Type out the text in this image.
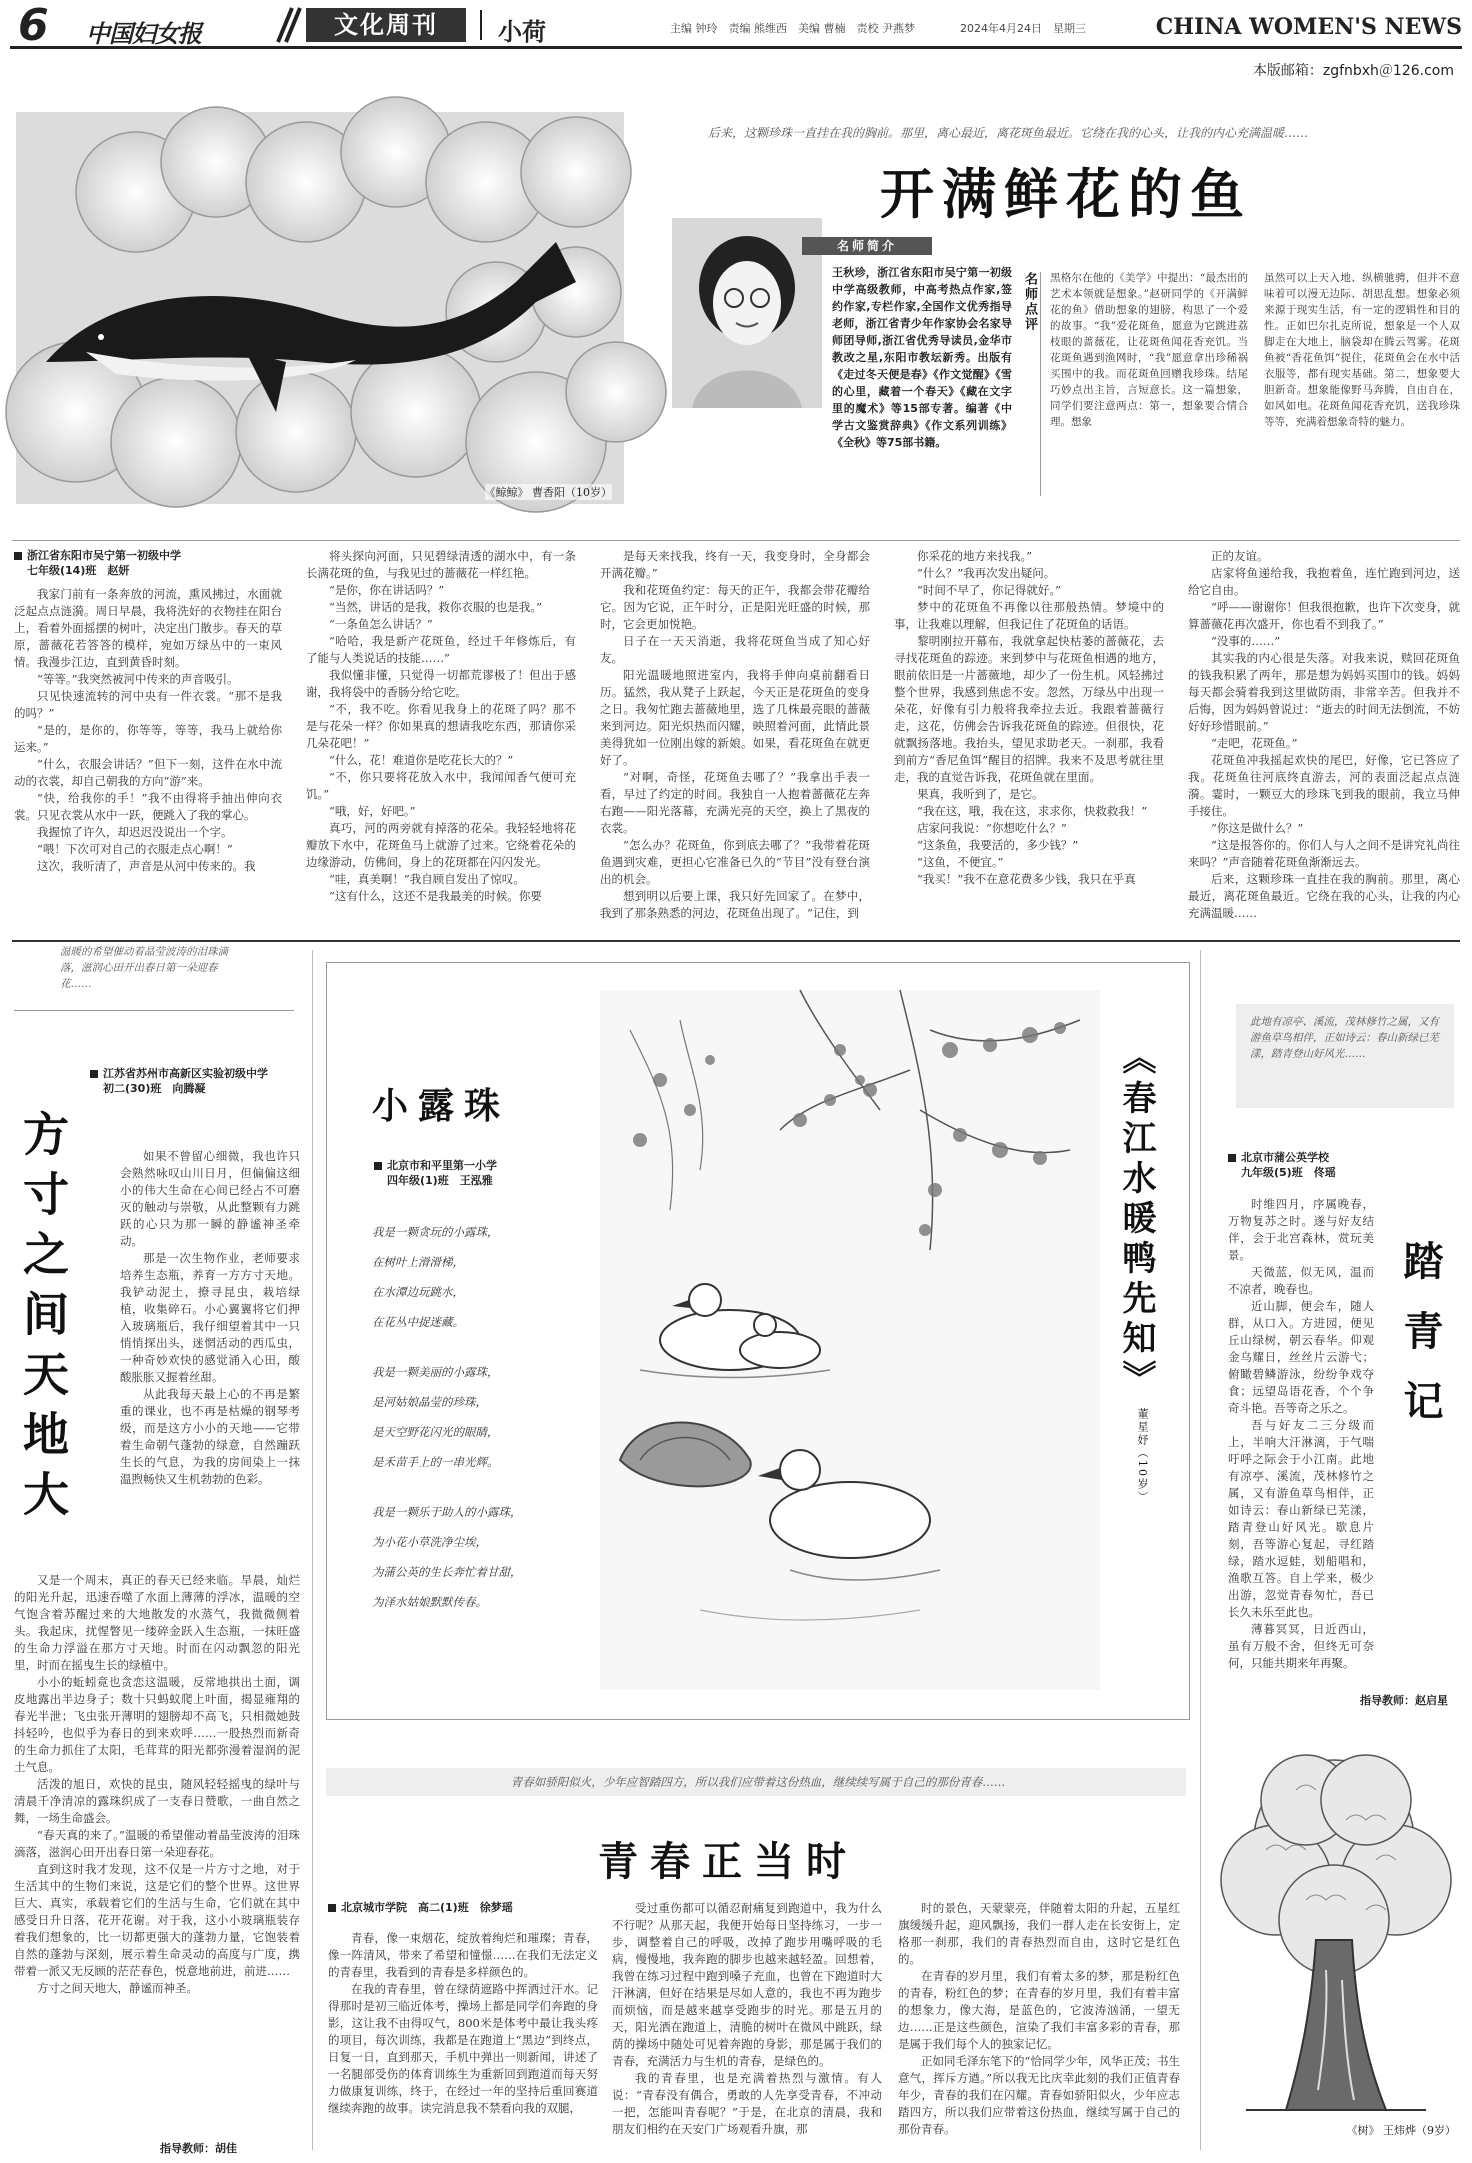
6 中国妇女报	文化周刊	小荷	主编 钟玲　责编 熊维西　美编 曹楠　责校 尹燕梦	2024年4月24日　星期三	CHINA WOMEN'S NEWS
本版邮箱：zgfnbxh＠126.com
《鲸鲸》 曹香阳（10岁）
后来，这颗珍珠一直挂在我的胸前。那里，离心最近，离花斑鱼最近。它绕在我的心头，让我的内心充满温暖……
开满鲜花的鱼
名师简介
王秋珍，浙江省东阳市吴宁第一初级中学高级教师，中高考热点作家,签约作家,专栏作家,全国作文优秀指导老师，浙江省青少年作家协会名家导师团导师,浙江省优秀导读员,金华市教改之星,东阳市教坛新秀。出版有《走过冬天便是春》《作文觉醒》《雪的心里，藏着一个春天》《藏在文字里的魔术》等15部专著。编著《中学古文鉴赏辞典》《作文系列训练》《全秋》等75部书籍。
名师点评 黑格尔在他的《美学》中提出：“最杰出的艺术本领就是想象。”赵研同学的《开满鲜花的鱼》借助想象的翅膀，构思了一个爱的故事。“我”爱花斑鱼，愿意为它跳进荔枝眼的蔷薇花，让花斑鱼闻花香充饥。当花斑鱼遇到渔网时，“我”愿意拿出珍稀祸买围中的我。而花斑鱼回赠我珍珠。结尾巧妙点出主旨，言短意长。这一篇想象，同学们要注意两点：第一，想象要合情合理。想象
虽然可以上天入地、纵横驰骋，但并不意味着可以漫无边际、胡思乱想。想象必须来源于现实生活，有一定的逻辑性和目的性。正如巴尔扎克所说，想象是一个人双脚走在大地上，脑袋却在腾云驾雾。花斑鱼被“香花鱼饵”捉住，花斑鱼会在水中活衣服等，都有现实基础。第二，想象要大胆新奇。想象能像野马奔腾，自由自在，如风如电。花斑鱼闻花香充饥，送我珍珠等等，充满着想象奇特的魅力。
浙江省东阳市吴宁第一初级中学
七年级(14)班　赵妍

我家门前有一条奔放的河流，熏风拂过，水面就泛起点点涟漪。周日早晨，我将洗好的衣物挂在阳台上，看着外面摇摆的树叶，决定出门散步。春天的草原，蔷薇花若答答的模样，宛如万绿丛中的一束风情。我漫步江边，直到黄昏时刻。

“等等。”我突然被河中传来的声音吸引。

只见快速流转的河中央有一件衣裳。“那不是我的吗？”

“是的，是你的，你等等，等等，我马上就给你运来。”

“什么，衣服会讲话？”但下一刻，这件在水中流动的衣裳，却自己朝我的方向“游”来。

“快，给我你的手！”我不由得将手抽出伸向衣裳。只见衣裳从水中一跃，便跳入了我的掌心。

我握惊了许久，却迟迟没说出一个字。

“喂！下次可对自己的衣服走点心啊！”

这次，我听清了，声音是从河中传来的。我

将头探向河面，只见碧绿清透的湖水中，有一条长满花斑的鱼，与我见过的蔷薇花一样红艳。

“是你，你在讲话吗？”

“当然，讲话的是我，救你衣服的也是我。”

“一条鱼怎么讲话？”

“哈哈，我是新产花斑鱼，经过千年修炼后，有了能与人类说话的技能……”

我似懂非懂，只觉得一切都荒谬极了！但出于感谢，我将袋中的香肠分给它吃。

“不，我不吃。你看见我身上的花斑了吗？那不是与花朵一样？你如果真的想请我吃东西，那请你采几朵花吧！”

“什么，花！难道你是吃花长大的？”

“不，你只要将花放入水中，我闻闻香气便可充饥。”

“哦，好，好吧。”

真巧，河的两旁就有掉落的花朵。我轻轻地将花瓣放下水中，花斑鱼马上就游了过来。它绕着花朵的边缘游动，仿佛间，身上的花斑都在闪闪发光。

“哇，真美啊！”我自顾自发出了惊叹。

“这有什么，这还不是我最美的时候。你要

是每天来找我，终有一天，我变身时，全身都会开满花瓣。”

我和花斑鱼约定：每天的正午，我都会带花瓣给它。因为它说，正午时分，正是阳光旺盛的时候，那时，它会更加悦艳。

日子在一天天消逝，我将花斑鱼当成了知心好友。

阳光温暖地照进室内，我将手伸向桌前翻看日历。猛然，我从凳子上跃起，今天正是花斑鱼的变身之日。我匆忙跑去蔷薇地里，选了几株最亮眼的蔷薇来到河边。阳光炽热而闪耀，映照着河面，此情此景美得犹如一位刚出嫁的新娘。如果，看花斑鱼在就更好了。

“对啊，奇怪，花斑鱼去哪了？”我拿出手表一看，早过了约定的时间。我独自一人抱着蔷薇花左奔右跑——阳光落幕，充满光亮的天空，换上了黑夜的衣裳。

“怎么办？花斑鱼，你到底去哪了？”我带着花斑鱼遇到灾难，更担心它准备已久的“节目”没有登台演出的机会。

想到明以后要上课，我只好先回家了。在梦中，我到了那条熟悉的河边，花斑鱼出现了。“记住，到

你采花的地方来找我。”

“什么？”我再次发出疑问。

“时间不早了，你记得就好。”

梦中的花斑鱼不再像以往那般热情。梦境中的事，让我难以理解，但我记住了花斑鱼的话语。

黎明刚拉开幕布，我就拿起快枯萎的蔷薇花，去寻找花斑鱼的踪迹。来到梦中与花斑鱼相遇的地方，眼前依旧是一片蔷薇地，却少了一份生机。风轻拂过整个世界，我感到焦虑不安。忽然，万绿丛中出现一朵花，好像有引力般将我牵拉去近。我跟着蔷薇行走，这花，仿佛会告诉我花斑鱼的踪迹。但很快，花就飘扬落地。我抬头，望见求助老天。一刹那，我看到前方“香尼鱼饵”醒目的招牌。我来不及思考就往里走，我的直觉告诉我，花斑鱼就在里面。

果真，我听到了，是它。

“我在这，哦，我在这，求求你，快救救我！”

店家问我说：“你想吃什么？”

“这条鱼，我要活的，多少钱？”

“这鱼，不便宜。”

“我买！”我不在意花费多少钱，我只在乎真

正的友谊。

店家将鱼递给我，我抱着鱼，连忙跑到河边，送给它自由。

“呼——谢谢你！但我很抱歉，也许下次变身，就算蔷薇花再次盛开，你也看不到我了。”

“没事的……”

其实我的内心很是失落。对我来说，赎回花斑鱼的钱我积累了两年，那是想为妈妈买围巾的钱。妈妈每天都会骑着我到这里做防雨，非常辛苦。但我并不后悔，因为妈妈曾说过：“逝去的时间无法倒流，不妨好好珍惜眼前。”

“走吧，花斑鱼。”

花斑鱼冲我摇起欢快的尾巴，好像，它已答应了我。花斑鱼往河底终直游去，河的表面泛起点点涟漪。霎时，一颗豆大的珍珠飞到我的眼前，我立马伸手接住。

“你这是做什么？”

“这是报答你的。你们人与人之间不是讲究礼尚往来吗？”声音随着花斑鱼渐渐远去。

后来，这颗珍珠一直挂在我的胸前。那里，离心最近，离花斑鱼最近。它绕在我的心头，让我的内心充满温暖……

温暖的希望催动着晶莹波涛的泪珠滴落，滋润心田开出春日第一朵迎春花……
江苏省苏州市高新区实验初级中学
初二(30)班　向腾凝
方寸之间天地大	如果不曾留心细微，我也许只会熟然咏叹山川日月，但偏偏这细小的伟大生命在心间已经占不可磨灭的触动与崇敬，从此整颗有力跳跃的心只为那一瞬的静谧神圣牵动。

那是一次生物作业，老师要求培养生态瓶，养育一方方寸天地。我铲动泥土，撩寻昆虫，栽培绿植，收集碎石。小心翼翼将它们押入玻璃瓶后，我仔细望着其中一只悄悄探出头，迷惘活动的西瓜虫，一种奇妙欢快的感觉涌入心田，酸酸胀胀又握着丝甜。

从此我每天最上心的不再是繁重的课业，也不再是枯燥的钢琴考级，而是这方小小的天地——它带着生命朝气蓬勃的绿意，自然蹦跃生长的气息，为我的房间染上一抹温煦畅快又生机勃勃的色彩。

又是一个周末，真正的春天已经来临。旱晨，灿烂的阳光升起，迅速吞噬了水面上薄薄的浮冰，温暖的空气饱含着苏醒过来的大地散发的水蒸气，我微微侧着头。我起床，扰惺瞥见一缕碎金跃入生态瓶，一抹旺盛的生命力浮溢在那方寸天地。时而在闪动飘忽的阳光里，时而在摇曳生长的绿植中。

小小的蚯蚓竟也贪恋这温暖，反常地拱出土面，调皮地露出半边身子；数十只蚂蚁爬上叶面，揭显雍翔的春光半泄；飞虫张开薄明的翅膀却不高飞，只相微她鼓抖轻吟，也似乎为春日的到来欢呼……一股热烈而新奇的生命力抓住了太阳，毛茸茸的阳光都弥漫着湿润的泥土气息。

活泼的旭日，欢快的昆虫，随风轻轻摇曳的绿叶与清晨千净清凉的露珠织成了一支春日赞歌，一曲自然之舞，一场生命盛会。

“春天真的来了。”温暖的希望催动着晶莹波涛的泪珠滴落，滋润心田开出春日第一朵迎春花。

直到这时我才发现，这不仅是一片方寸之地，对于生活其中的生物们来说，这是它们的整个世界。这世界巨大、真实，承载着它们的生活与生命，它们就在其中感受日升日落，花开花谢。对于我，这小小玻璃瓶装存着我们想象的，比一切都更强大的蓬勃力量，它饱装着自然的蓬勃与深刻，展示着生命灵动的高度与广度，携带着一派又无反顾的茫茫春色，悦意地前进，前进……

方寸之间天地大，静谧而神圣。

指导教师：胡佳
小露珠
北京市和平里第一小学
四年级(1)班　王泓雅

我是一颗贪玩的小露珠，

在树叶上滑滑梯，

在水潭边玩跳水，

在花丛中捉迷藏。

我是一颗美丽的小露珠，

是河姑娘晶莹的珍珠，

是天空野花闪光的眼睛，

是禾苗手上的一串光辉。

我是一颗乐于助人的小露珠，

为小花小草洗净尘埃，

为蒲公英的生长奔忙着甘甜，

为泽水姑娘默默传春。

《春江水暖鸭先知》
董星妤（10岁）
此地有凉亭、溪流，茂林修竹之属，又有游鱼草鸟相伴，正如诗云：春山新绿已芜漾，踏青登山好风光……
北京市蒲公英学校
九年级(5)班　佟瑶

时维四月，序属晚春，万物复苏之时。遂与好友结伴，会于北宫森林，赏玩美景。

天微蓝，似无风，温而不凉者，晚春也。

近山脚，便会车，随人群，从口入。方进园，便见丘山绿树，朝云春华。仰观金乌耀日，丝丝片云游弋；俯瞰碧鳞游泳，纷纷争戏夺食；远望岛语花香，个个争奇斗艳。吾等奇之乐之。

吾与好友二三分级而上，半响大汗淋漓，于气喘吁呼之际会于小江南。此地有凉亭、溪流，茂林修竹之属，又有游鱼草鸟相伴，正如诗云：春山新绿已芜漾，踏青登山好风光。歇息片刻，吾等游心复起，寻红踏绿，踏水逗蛙，划船唱和，渔歌互答。自上学来，极少出游，忽觉青春匆忙，吾已长久未乐至此也。

薄暮冥冥，日近西山，虽有万般不舍，但终无可奈何，只能共期来年再聚。

踏青记
指导教师：赵启星
青春如骄阳似火，少年应智踏四方，所以我们应带着这份热血，继续续写属于自己的那份青春……
青春正当时
北京城市学院　高二(1)班　徐梦瑶

青春，像一束烟花，绽放着绚烂和璀璨；青春，像一阵清风，带来了希望和憧憬……在我们无法定义的青春里，我看到的青春是多样颜色的。

在我的青春里，曾在绿荫遮路中挥洒过汗水。记得那时是初三临近体考，操场上都是同学们奔跑的身影，这让我不由得叹气，800米是体考中最让我头疼的项目，每次训练，我都是在跑道上“黑边”到终点，日复一日，直到那天，手机中弹出一则新闻，讲述了一名腿部受伤的体育训练生为重新回到跑道而每天努力做康复训练，终于，在经过一年的坚持后重回赛道继续奔跑的故事。读完消息我不禁看向我的双腿，

受过重伤都可以循忍耐痛复到跑道中，我为什么不行呢？从那天起，我便开始每日坚持练习，一步一步，调整着自己的呼吸，改掉了跑步用嘴呼吸的毛病，慢慢地，我奔跑的脚步也越来越轻盈。回想着，我曾在练习过程中跑到嗓子充血，也曾在下跑道时大汗淋漓，但好在结果是尽如人意的，我也不再为跑步而烦恼，而是越来越享受跑步的时光。那是五月的天，阳光洒在跑道上，清脆的树叶在微风中跳跃，绿荫的操场中随处可见着奔跑的身影，那是属于我们的青春，充满活力与生机的青春，是绿色的。

我的青春里，也是充满着热烈与激情。有人说：“青春没有偶合，勇敢的人先享受青春，不冲动一把，怎能叫青春呢？”于是，在北京的清晨，我和朋友们相约在天安门广场观看升旗，那

时的景色，天蒙蒙亮，伴随着太阳的升起，五星红旗缓缓升起，迎风飘扬，我们一群人走在长安街上，定格那一刹那，我们的青春热烈而自由，这时它是红色的。

在青春的岁月里，我们有着太多的梦，那是粉红色的青春，粉红色的梦；在青春的岁月里，我们有着丰富的想象力，像大海，是蓝色的，它波涛汹涌，一望无边……正是这些颜色，渲染了我们丰富多彩的青春，那是属于我们每个人的独家记忆。

正如同毛泽东笔下的“恰同学少年，风华正茂；书生意气，挥斥方遒。”所以我无比庆幸此刻的我们正值青春年少，青春的我们在闪耀。青春如骄阳似火，少年应志踏四方，所以我们应带着这份热血，继续写属于自己的那份青春。	《树》 王炜烨（9岁）
